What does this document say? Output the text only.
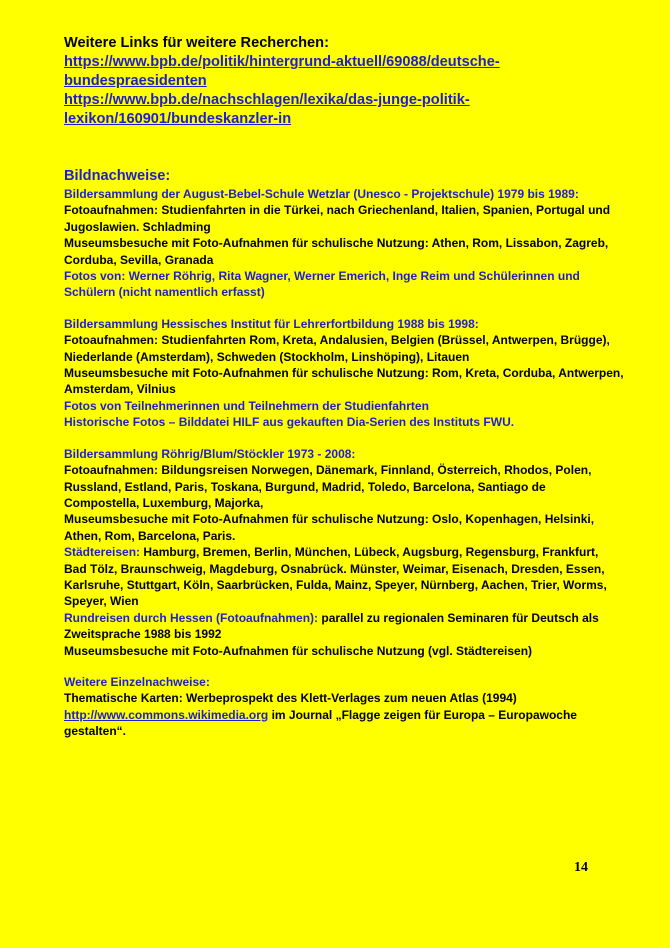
Weitere Links für weitere Recherchen:

https://www.bpb.de/politik/hintergrund-aktuell/69088/deutsche-
bundespraesidenten
https://www.bpb.de/nachschlagen/lexika/das-junge-politik-
lexikon/160901/bundeskanzler-in

Bildnachweise:

Bildersammlung der August-Bebel-Schule Wetzlar (Unesco - Projektschule) 1979 bis 1989:

Fotoaufnahmen: Studienfahrten in die Türkei, nach Griechenland, Italien, Spanien, Portugal und Jugoslawien. Schladming

Museumsbesuche mit Foto-Aufnahmen für schulische Nutzung: Athen, Rom, Lissabon, Zagreb, Corduba, Sevilla, Granada

Fotos von: Werner Röhrig, Rita Wagner, Werner Emerich, Inge Reim und Schülerinnen und Schülern (nicht namentlich erfasst)

Bildersammlung Hessisches Institut für Lehrerfortbildung 1988 bis 1998:

Fotoaufnahmen: Studienfahrten Rom, Kreta, Andalusien, Belgien (Brüssel, Antwerpen, Brügge), Niederlande (Amsterdam), Schweden (Stockholm, Linshöping), Litauen

Museumsbesuche mit Foto-Aufnahmen für schulische Nutzung: Rom, Kreta, Corduba, Antwerpen, Amsterdam, Vilnius

Fotos von Teilnehmerinnen und Teilnehmern der Studienfahrten

Historische Fotos – Bilddatei HILF aus gekauften Dia-Serien des Instituts FWU.

Bildersammlung Röhrig/Blum/Stöckler 1973 - 2008:

Fotoaufnahmen: Bildungsreisen Norwegen, Dänemark, Finnland, Österreich, Rhodos, Polen, Russland, Estland, Paris, Toskana, Burgund, Madrid, Toledo, Barcelona, Santiago de Compostella, Luxemburg, Majorka,

Museumsbesuche mit Foto-Aufnahmen für schulische Nutzung: Oslo, Kopenhagen, Helsinki, Athen, Rom, Barcelona, Paris.

Städtereisen: Hamburg, Bremen, Berlin, München, Lübeck, Augsburg, Regensburg, Frankfurt, Bad Tölz, Braunschweig, Magdeburg, Osnabrück. Münster, Weimar, Eisenach, Dresden, Essen, Karlsruhe, Stuttgart, Köln, Saarbrücken, Fulda, Mainz, Speyer, Nürnberg, Aachen, Trier, Worms, Speyer, Wien

Rundreisen durch Hessen (Fotoaufnahmen): parallel zu regionalen Seminaren für Deutsch als Zweitsprache 1988 bis 1992

Museumsbesuche mit Foto-Aufnahmen für schulische Nutzung (vgl. Städtereisen)

Weitere Einzelnachweise:

Thematische Karten: Werbeprospekt des Klett-Verlages zum neuen Atlas (1994)

http://www.commons.wikimedia.org im Journal „Flagge zeigen für Europa – Europawoche gestalten“.

14
